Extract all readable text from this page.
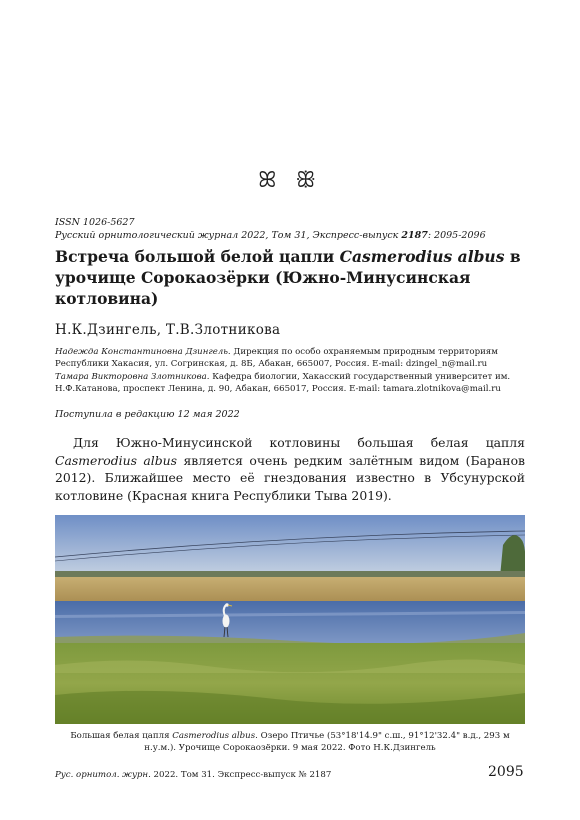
ꕤ ꕥ
ISSN 1026-5627
Русский орнитологический журнал 2022, Том 31, Экспресс-выпуск 2187: 2095-2096
Встреча большой белой цапли Casmerodius albus в урочище Сорокаозёрки (Южно-Минусинская котловина)
Н.К.Дзингель, Т.В.Злотникова
Надежда Константиновна Дзингель. Дирекция по особо охраняемым природным территориям Республики Хакасия, ул. Согринская, д. 8Б, Абакан, 665007, Россия. E-mail: dzingel_n@mail.ru
Тамара Викторовна Злотникова. Кафедра биологии, Хакасский государственный университет им. Н.Ф.Катанова, проспект Ленина, д. 90, Абакан, 665017, Россия. E-mail: tamara.zlotnikova@mail.ru
Поступила в редакцию 12 мая 2022
Для Южно-Минусинской котловины большая белая цапля Casmerodius albus является очень редким залётным видом (Баранов 2012). Ближайшее место её гнездования известно в Убсунурской котловине (Красная книга Республики Тыва 2019).
Большая белая цапля Casmerodius albus. Озеро Птичье (53°18'14.9" с.ш., 91°12'32.4" в.д., 293 м н.у.м.). Урочище Сорокаозёрки. 9 мая 2022. Фото Н.К.Дзингель
Рус. орнитол. журн. 2022. Том 31. Экспресс-выпуск № 2187	2095
